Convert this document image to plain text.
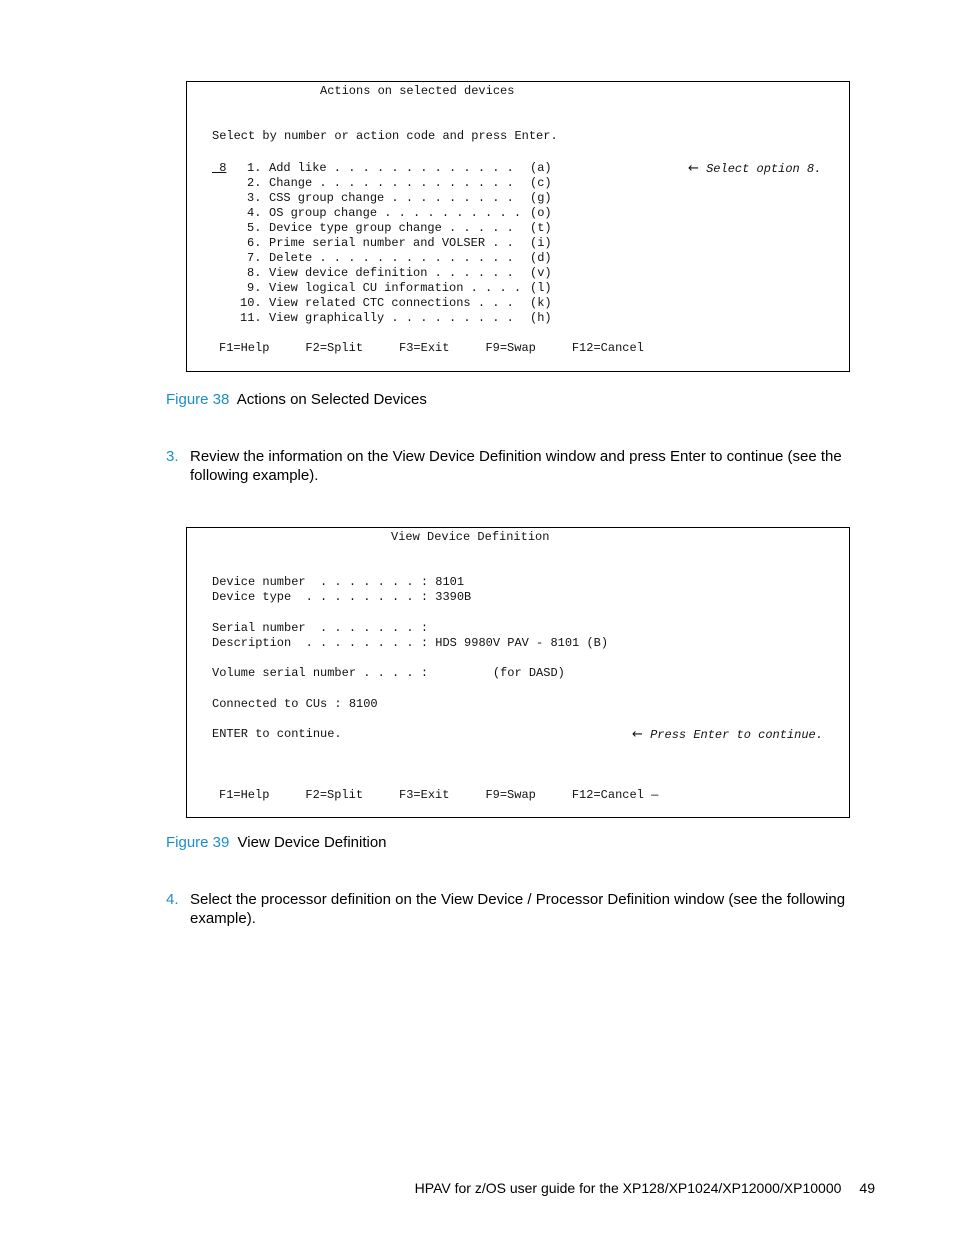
Actions on selected devices
Select by number or action code and press Enter.
8 1. Add like . . . . . . . . . . . . . (a)
2. Change . . . . . . . . . . . . . . (c)
3. CSS group change . . . . . . . . . (g)
4. OS group change . . . . . . . . . . (o)
5. Device type group change . . . . . (t)
6. Prime serial number and VOLSER . . (i)
7. Delete . . . . . . . . . . . . . . (d)
8. View device definition . . . . . . (v)
9. View logical CU information . . . . (l)
10. View related CTC connections . . . (k)
11. View graphically . . . . . . . . . (h)
← Select option 8.
F1=Help     F2=Split     F3=Exit     F9=Swap     F12=Cancel
Figure 38 Actions on Selected Devices
3. Review the information on the View Device Definition window and press Enter to continue (see the following example).
View Device Definition
Device number  . . . . . . . : 8101
Device type  . . . . . . . . : 3390B
Serial number  . . . . . . . :
Description  . . . . . . . . : HDS 9980V PAV - 8101 (B)
Volume serial number . . . . :         (for DASD)
Connected to CUs : 8100
ENTER to continue.	← Press Enter to continue.
F1=Help     F2=Split     F3=Exit     F9=Swap     F12=Cancel —
Figure 39 View Device Definition
4. Select the processor definition on the View Device / Processor Definition window (see the following example).
HPAV for z/OS user guide for the XP128/XP1024/XP12000/XP10000 49
